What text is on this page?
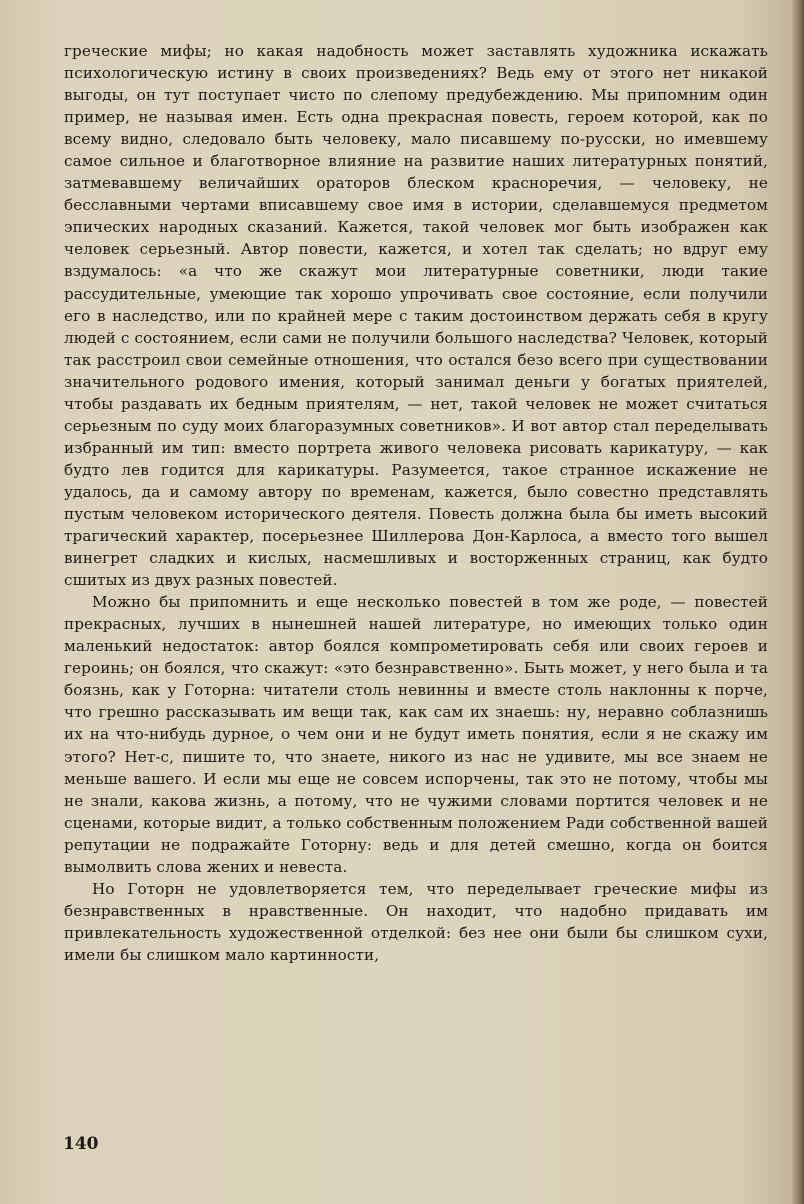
греческие мифы; но какая надобность может заставлять художника искажать психологическую истину в своих произведениях? Ведь ему от этого нет никакой выгоды, он тут поступает чисто по слепому предубеждению. Мы припомним один пример, не называя имен. Есть одна прекрасная повесть, героем которой, как по всему видно, следовало быть человеку, мало писавшему по-русски, но имевшему самое сильное и благотворное влияние на развитие наших литературных понятий, затмевавшему величайших ораторов блеском красноречия, — человеку, не бесславными чертами вписавшему свое имя в истории, сделавшемуся предметом эпических народных сказаний. Кажется, такой человек мог быть изображен как человек серьезный. Автор повести, кажется, и хотел так сделать; но вдруг ему вздумалось: «а что же скажут мои литературные советники, люди такие рассудительные, умеющие так хорошо упрочивать свое состояние, если получили его в наследство, или по крайней мере с таким достоинством держать себя в кругу людей с состоянием, если сами не получили большого наследства? Человек, который так расстроил свои семейные отношения, что остался безо всего при существовании значительного родового имения, который занимал деньги у богатых приятелей, чтобы раздавать их бедным приятелям, — нет, такой человек не может считаться серьезным по суду моих благоразумных советников». И вот автор стал переделывать избранный им тип: вместо портрета живого человека рисовать карикатуру, — как будто лев годится для карикатуры. Разумеется, такое странное искажение не удалось, да и самому автору по временам, кажется, было совестно представлять пустым человеком исторического деятеля. Повесть должна была бы иметь высокий трагический характер, посерьезнее Шиллерова Дон-Карлоса, а вместо того вышел винегрет сладких и кислых, насмешливых и восторженных страниц, как будто сшитых из двух разных повестей.

Можно бы припомнить и еще несколько повестей в том же роде, — повестей прекрасных, лучших в нынешней нашей литературе, но имеющих только один маленький недостаток: автор боялся компрометировать себя или своих героев и героинь; он боялся, что скажут: «это безнравственно». Быть может, у него была и та боязнь, как у Готорна: читатели столь невинны и вместе столь наклонны к порче, что грешно рассказывать им вещи так, как сам их знаешь: ну, неравно соблазнишь их на что-нибудь дурное, о чем они и не будут иметь понятия, если я не скажу им этого? Нет-с, пишите то, что знаете, никого из нас не удивите, мы все знаем не меньше вашего. И если мы еще не совсем испорчены, так это не потому, чтобы мы не знали, какова жизнь, а потому, что не чужими словами портится человек и не сценами, которые видит, а только собственным положением Ради собственной вашей репутации не подражайте Готорну: ведь и для детей смешно, когда он боится вымолвить слова жених и невеста.

Но Готорн не удовлетворяется тем, что переделывает греческие мифы из безнравственных в нравственные. Он находит, что надобно придавать им привлекательность художественной отделкой: без нее они были бы слишком сухи, имели бы слишком мало картинности,

140
